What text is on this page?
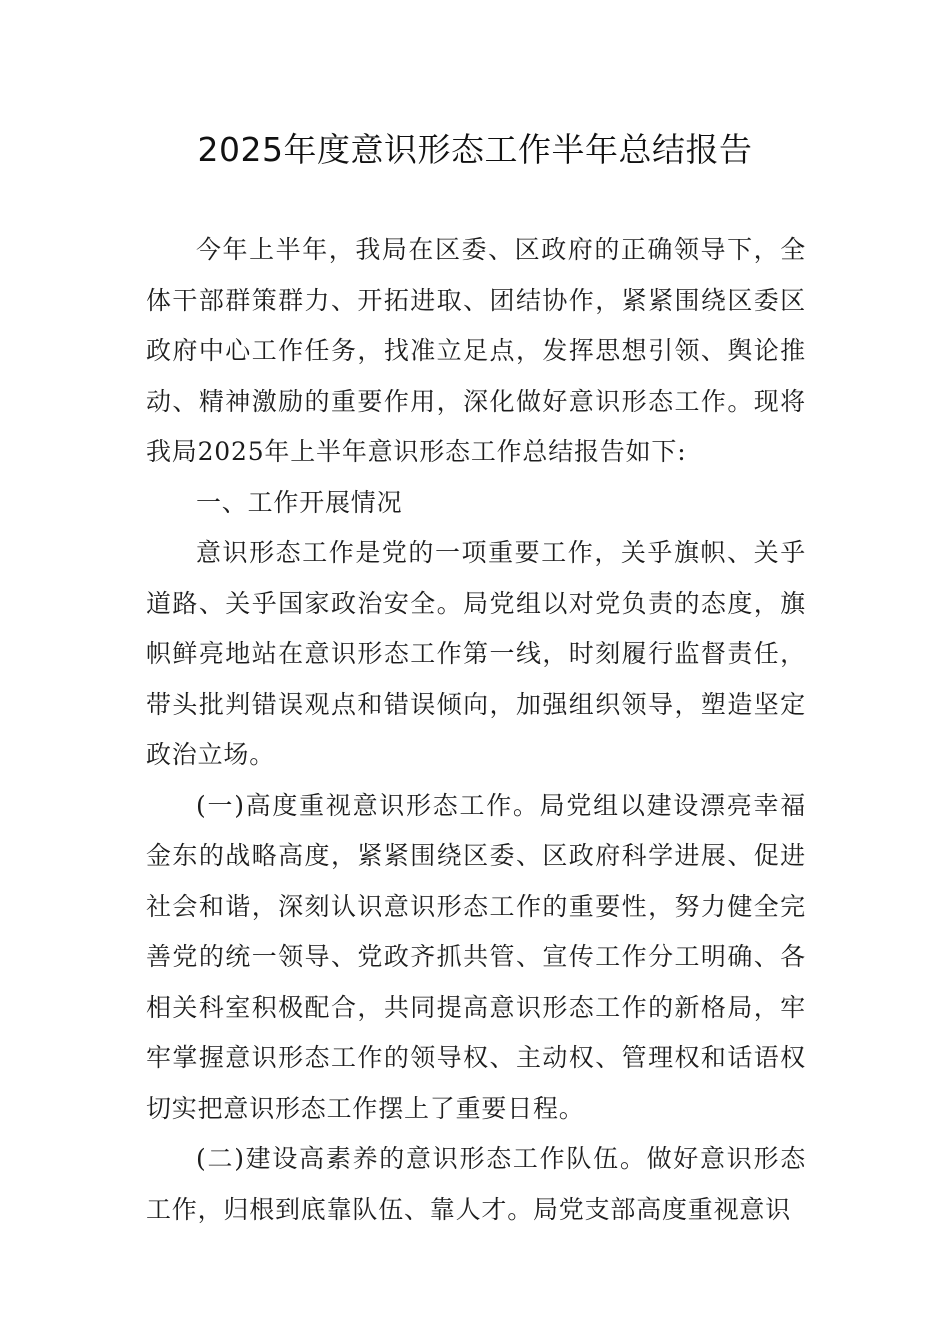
2025年度意识形态工作半年总结报告

今年上半年，我局在区委、区政府的正确领导下，全体干部群策群力、开拓进取、团结协作，紧紧围绕区委区政府中心工作任务，找准立足点，发挥思想引领、舆论推动、精神激励的重要作用，深化做好意识形态工作。现将我局2025年上半年意识形态工作总结报告如下:

一、工作开展情况

意识形态工作是党的一项重要工作，关乎旗帜、关乎道路、关乎国家政治安全。局党组以对党负责的态度，旗帜鲜亮地站在意识形态工作第一线，时刻履行监督责任，带头批判错误观点和错误倾向，加强组织领导，塑造坚定政治立场。

(一)高度重视意识形态工作。局党组以建设漂亮幸福金东的战略高度，紧紧围绕区委、区政府科学进展、促进社会和谐，深刻认识意识形态工作的重要性，努力健全完善党的统一领导、党政齐抓共管、宣传工作分工明确、各相关科室积极配合，共同提高意识形态工作的新格局，牢牢掌握意识形态工作的领导权、主动权、管理权和话语权切实把意识形态工作摆上了重要日程。

(二)建设高素养的意识形态工作队伍。做好意识形态工作，归根到底靠队伍、靠人才。局党支部高度重视意识
